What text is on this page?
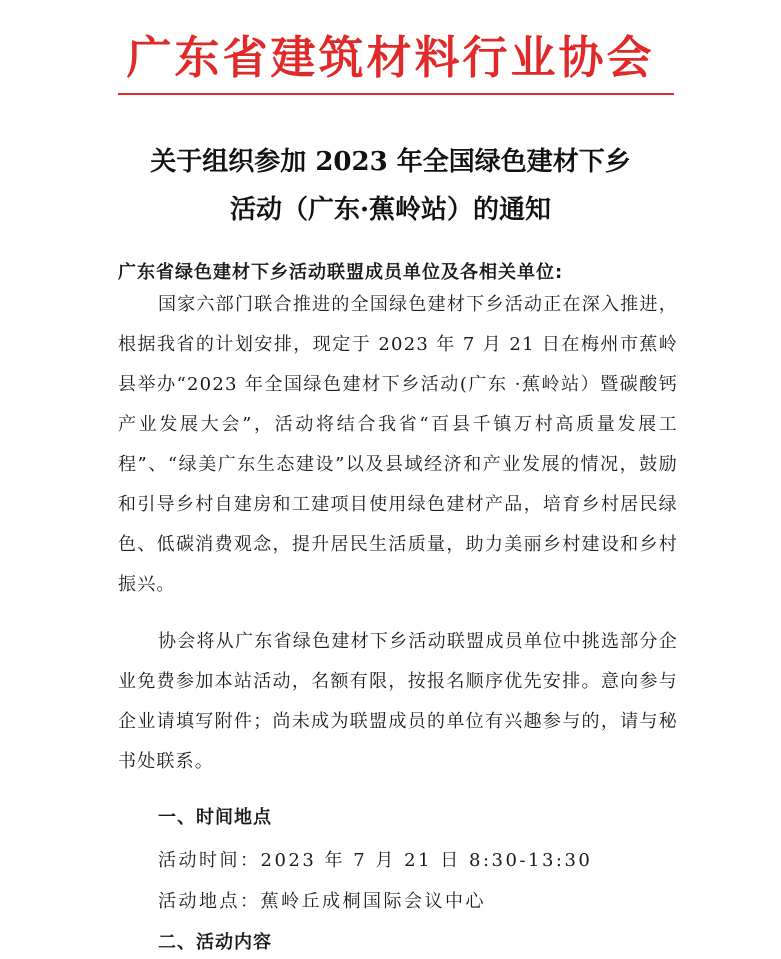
广东省建筑材料行业协会
关于组织参加 2023 年全国绿色建材下乡
活动（广东·蕉岭站）的通知
广东省绿色建材下乡活动联盟成员单位及各相关单位:

国家六部门联合推进的全国绿色建材下乡活动正在深入推进，根据我省的计划安排，现定于 2023 年 7 月 21 日在梅州市蕉岭县举办“2023 年全国绿色建材下乡活动(广东 ·蕉岭站）暨碳酸钙产业发展大会”，活动将结合我省“百县千镇万村高质量发展工程”、“绿美广东生态建设”以及县域经济和产业发展的情况，鼓励和引导乡村自建房和工建项目使用绿色建材产品，培育乡村居民绿色、低碳消费观念，提升居民生活质量，助力美丽乡村建设和乡村振兴。

协会将从广东省绿色建材下乡活动联盟成员单位中挑选部分企业免费参加本站活动，名额有限，按报名顺序优先安排。意向参与企业请填写附件；尚未成为联盟成员的单位有兴趣参与的，请与秘书处联系。

一、时间地点
活动时间：2023 年 7 月 21 日 8:30-13:30
活动地点：蕉岭丘成桐国际会议中心
二、活动内容
